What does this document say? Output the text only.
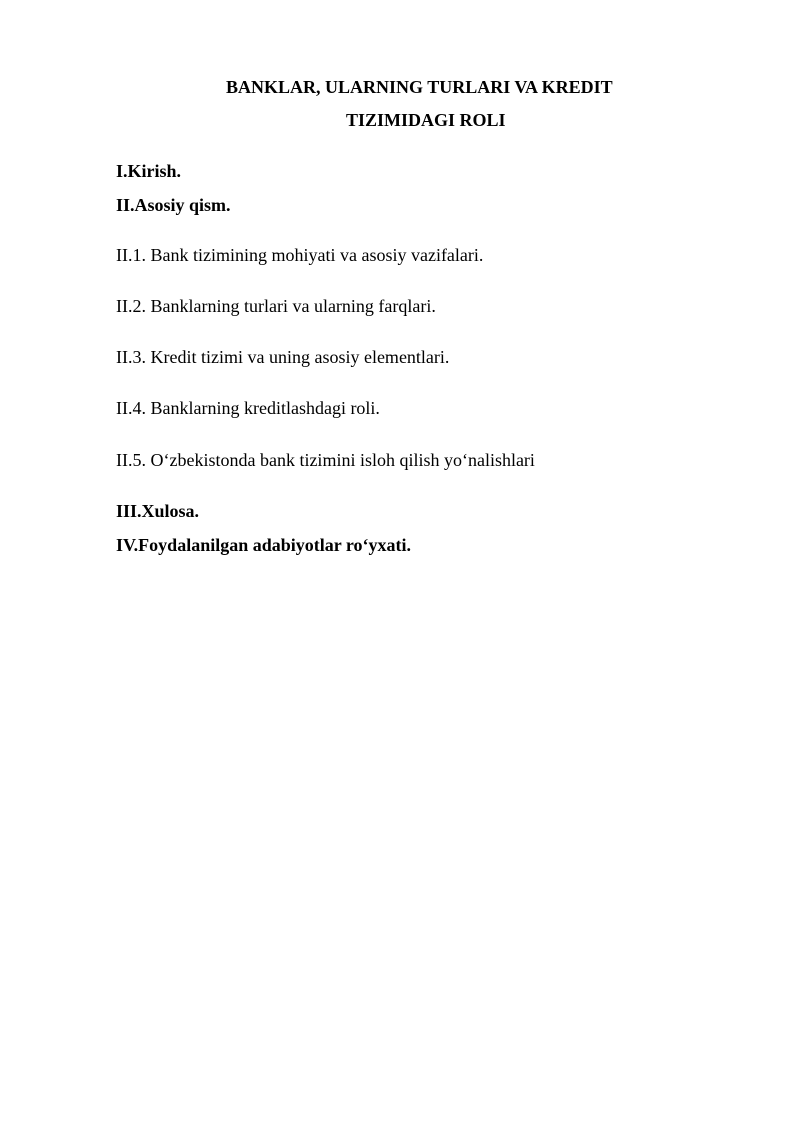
BANKLAR, ULARNING TURLARI VA KREDIT
TIZIMIDAGI ROLI
I.Kirish.
II.Asosiy qism.
II.1. Bank tizimining mohiyati va asosiy vazifalari.
II.2. Banklarning turlari va ularning farqlari.
II.3. Kredit tizimi va uning asosiy elementlari.
II.4. Banklarning kreditlashdagi roli.
II.5. O‘zbekistonda bank tizimini isloh qilish yo‘nalishlari
III.Xulosa.
IV.Foydalanilgan adabiyotlar ro‘yxati.
